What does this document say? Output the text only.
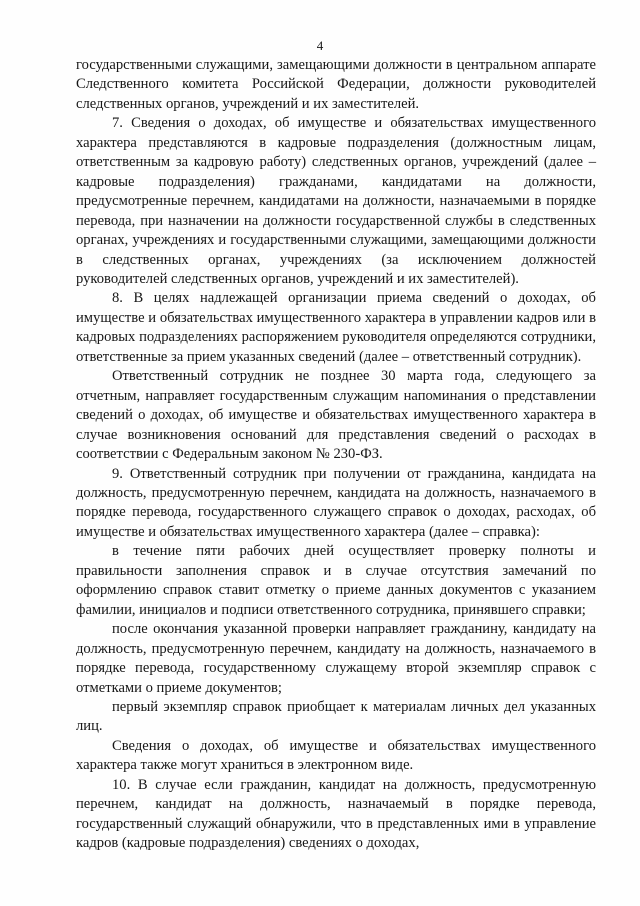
4

государственными служащими, замещающими должности в центральном аппарате Следственного комитета Российской Федерации, должности руководителей следственных органов, учреждений и их заместителей.

7. Сведения о доходах, об имуществе и обязательствах имущественного характера представляются в кадровые подразделения (должностным лицам, ответственным за кадровую работу) следственных органов, учреждений (далее – кадровые подразделения) гражданами, кандидатами на должности, предусмотренные перечнем, кандидатами на должности, назначаемыми в порядке перевода, при назначении на должности государственной службы в следственных органах, учреждениях и государственными служащими, замещающими должности в следственных органах, учреждениях (за исключением должностей руководителей следственных органов, учреждений и их заместителей).

8. В целях надлежащей организации приема сведений о доходах, об имуществе и обязательствах имущественного характера в управлении кадров или в кадровых подразделениях распоряжением руководителя определяются сотрудники, ответственные за прием указанных сведений (далее – ответственный сотрудник).

Ответственный сотрудник не позднее 30 марта года, следующего за отчетным, направляет государственным служащим напоминания о представлении сведений о доходах, об имуществе и обязательствах имущественного характера в случае возникновения оснований для представления сведений о расходах в соответствии с Федеральным законом № 230-ФЗ.

9. Ответственный сотрудник при получении от гражданина, кандидата на должность, предусмотренную перечнем, кандидата на должность, назначаемого в порядке перевода, государственного служащего справок о доходах, расходах, об имуществе и обязательствах имущественного характера (далее – справка):

в течение пяти рабочих дней осуществляет проверку полноты и правильности заполнения справок и в случае отсутствия замечаний по оформлению справок ставит отметку о приеме данных документов с указанием фамилии, инициалов и подписи ответственного сотрудника, принявшего справки;

после окончания указанной проверки направляет гражданину, кандидату на должность, предусмотренную перечнем, кандидату на должность, назначаемого в порядке перевода, государственному служащему второй экземпляр справок с отметками о приеме документов;

первый экземпляр справок приобщает к материалам личных дел указанных лиц.

Сведения о доходах, об имуществе и обязательствах имущественного характера также могут храниться в электронном виде.

10. В случае если гражданин, кандидат на должность, предусмотренную перечнем, кандидат на должность, назначаемый в порядке перевода, государственный служащий обнаружили, что в представленных ими в управление кадров (кадровые подразделения) сведениях о доходах,
